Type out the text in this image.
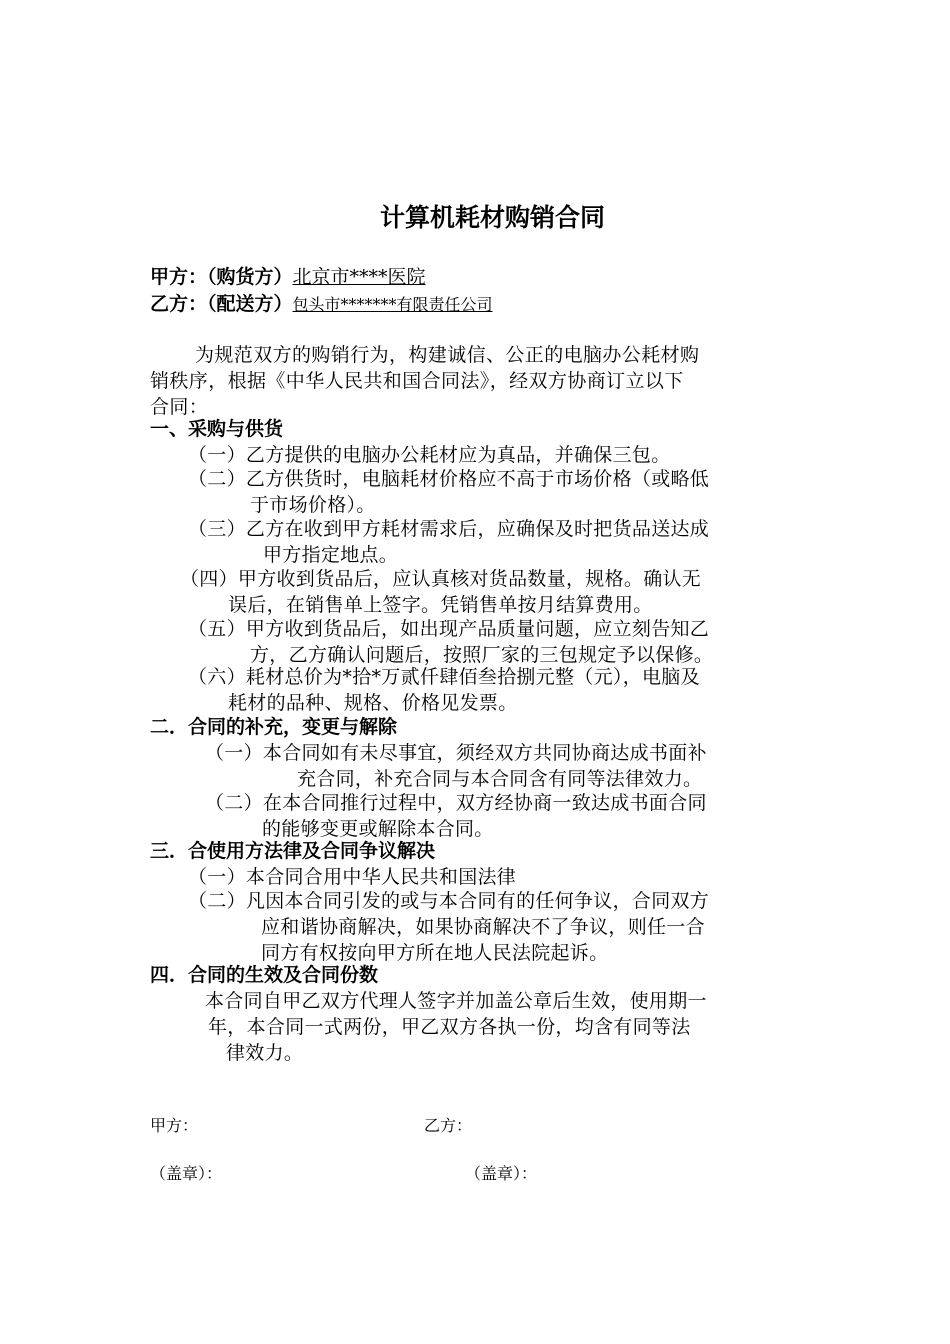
计算机耗材购销合同
甲方：（购货方）北京市****医院
乙方：（配送方）包头市*******有限责任公司
为规范双方的购销行为，构建诚信、公正的电脑办公耗材购
销秩序，根据《中华人民共和国合同法》，经双方协商订立以下
合同：
一、采购与供货
（一）乙方提供的电脑办公耗材应为真品，并确保三包。
（二）乙方供货时，电脑耗材价格应不高于市场价格（或略低
于市场价格）。
（三）乙方在收到甲方耗材需求后，应确保及时把货品送达成
甲方指定地点。
（四）甲方收到货品后，应认真核对货品数量，规格。确认无
误后，在销售单上签字。凭销售单按月结算费用。
（五）甲方收到货品后，如出现产品质量问题，应立刻告知乙
方，乙方确认问题后，按照厂家的三包规定予以保修。
（六）耗材总价为*拾*万贰仟肆佰叁拾捌元整（元），电脑及
耗材的品种、规格、价格见发票。
二．合同的补充，变更与解除
（一）本合同如有未尽事宜，须经双方共同协商达成书面补
充合同，补充合同与本合同含有同等法律效力。
（二）在本合同推行过程中，双方经协商一致达成书面合同
的能够变更或解除本合同。
三．合使用方法律及合同争议解决
（一）本合同合用中华人民共和国法律
（二）凡因本合同引发的或与本合同有的任何争议，合同双方
应和谐协商解决，如果协商解决不了争议，则任一合
同方有权按向甲方所在地人民法院起诉。
四．合同的生效及合同份数
本合同自甲乙双方代理人签字并加盖公章后生效，使用期一
年，本合同一式两份，甲乙双方各执一份，均含有同等法
律效力。
甲方：	乙方：
（盖章）：	（盖章）：
